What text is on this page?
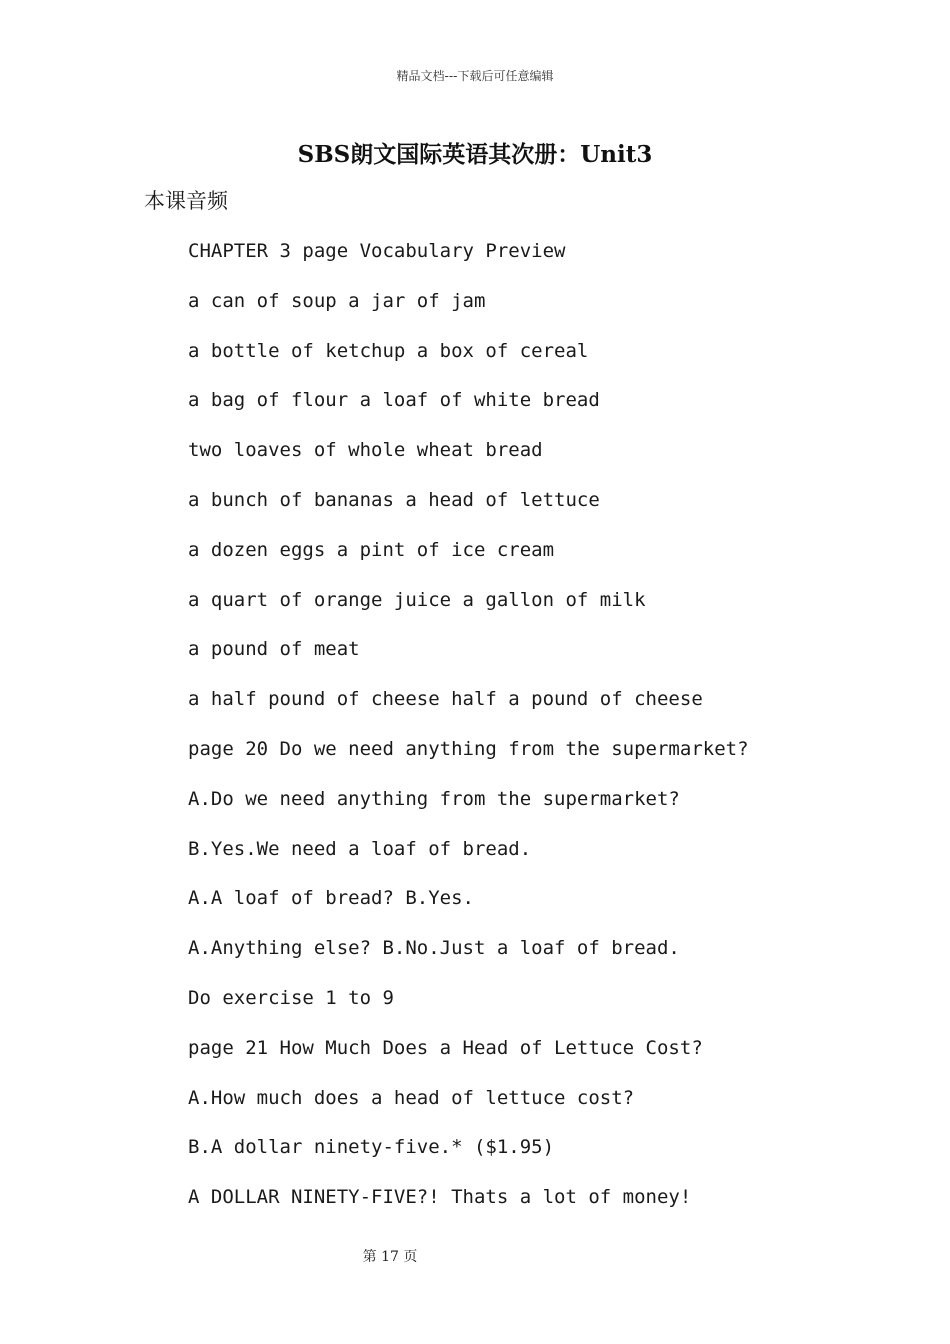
精品文档---下载后可任意编辑
SBS朗文国际英语其次册：Unit3
本课音频
CHAPTER 3 page Vocabulary Preview
a can of soup a jar of jam
a bottle of ketchup a box of cereal
a bag of flour a loaf of white bread
two loaves of whole wheat bread
a bunch of bananas a head of lettuce
a dozen eggs a pint of ice cream
a quart of orange juice a gallon of milk
a pound of meat
a half pound of cheese half a pound of cheese
page 20 Do we need anything from the supermarket?
A.Do we need anything from the supermarket?
B.Yes.We need a loaf of bread.
A.A loaf of bread? B.Yes.
A.Anything else? B.No.Just a loaf of bread.
Do exercise 1 to 9
page 21 How Much Does a Head of Lettuce Cost?
A.How much does a head of lettuce cost?
B.A dollar ninety-five.* ($1.95)
A DOLLAR NINETY-FIVE?! Thats a lot of money!
第 17 页
